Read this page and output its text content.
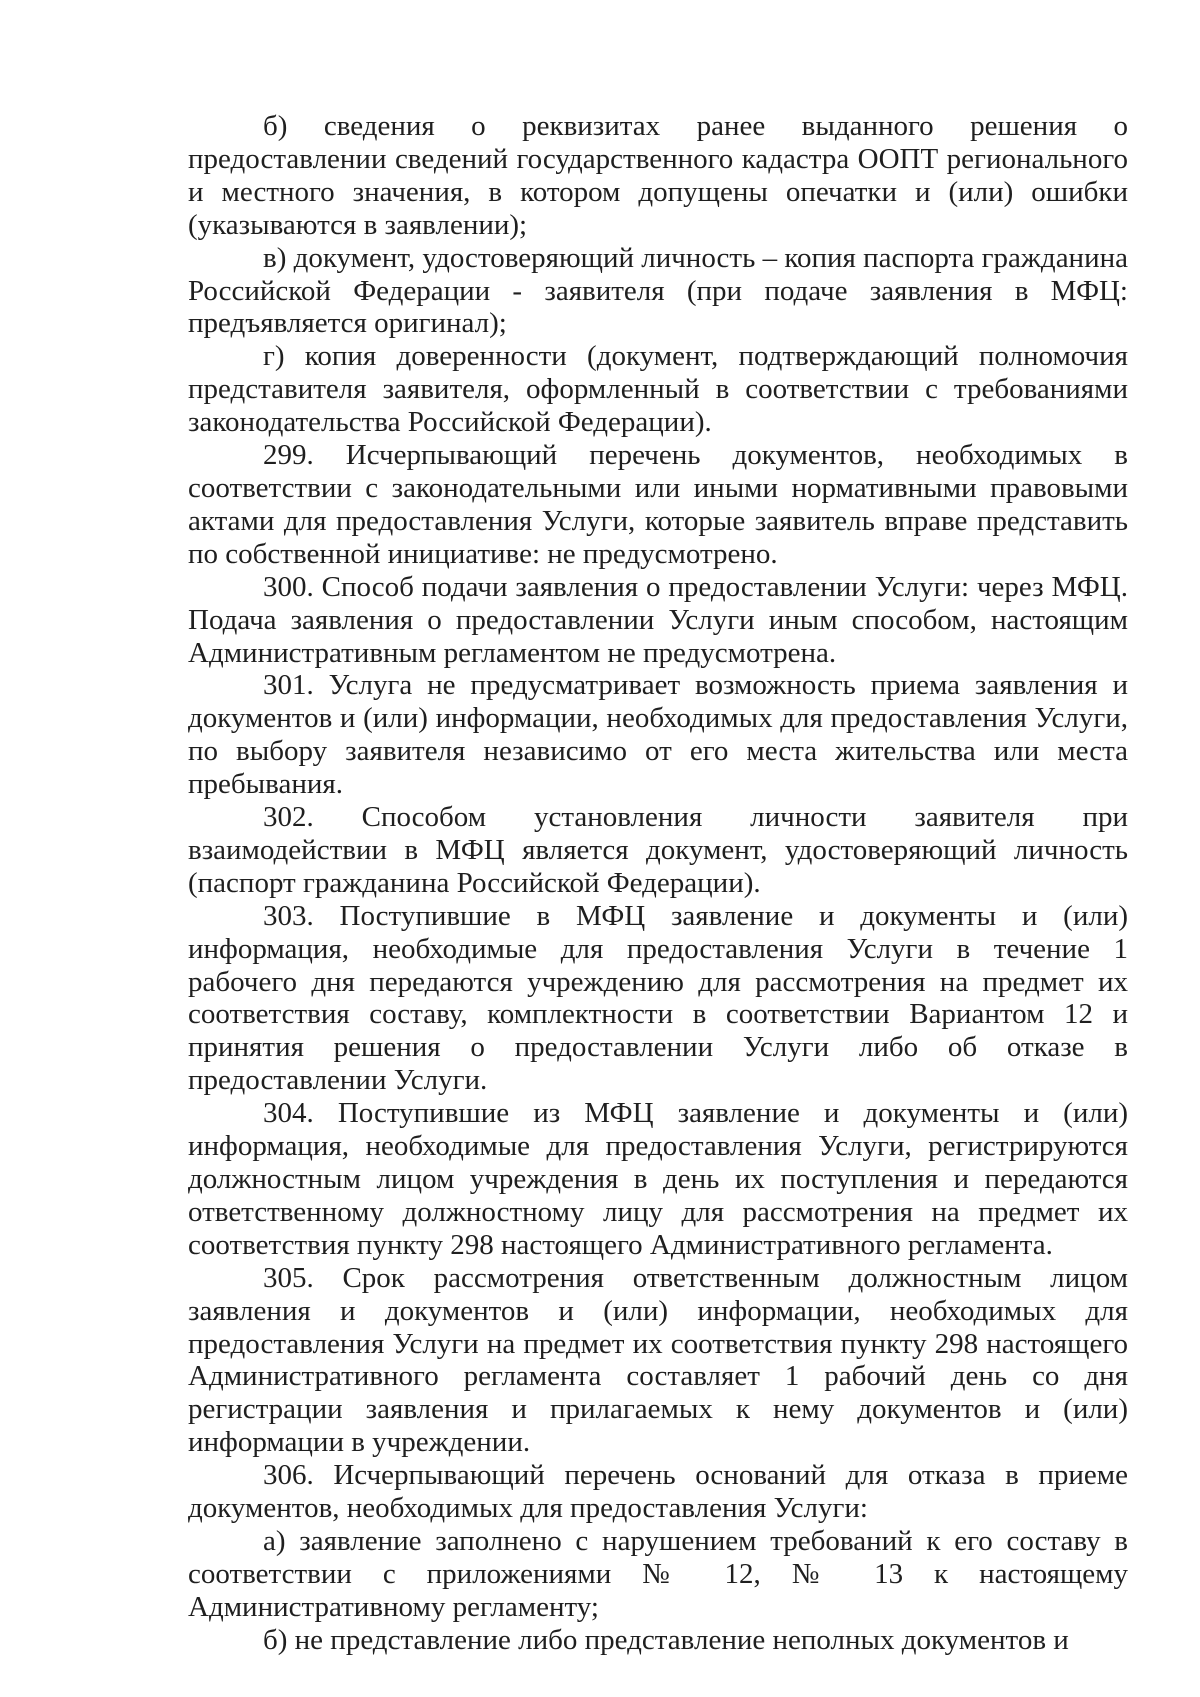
б) сведения о реквизитах ранее выданного решения о предоставлении сведений государственного кадастра ООПТ регионального и местного значения, в котором допущены опечатки и (или) ошибки (указываются в заявлении);

в) документ, удостоверяющий личность – копия паспорта гражданина Российской Федерации - заявителя (при подаче заявления в МФЦ: предъявляется оригинал);

г) копия доверенности (документ, подтверждающий полномочия представителя заявителя, оформленный в соответствии с требованиями законодательства Российской Федерации).

299. Исчерпывающий перечень документов, необходимых в соответствии с законодательными или иными нормативными правовыми актами для предоставления Услуги, которые заявитель вправе представить по собственной инициативе: не предусмотрено.

300. Способ подачи заявления о предоставлении Услуги: через МФЦ. Подача заявления о предоставлении Услуги иным способом, настоящим Административным регламентом не предусмотрена.

301. Услуга не предусматривает возможность приема заявления и документов и (или) информации, необходимых для предоставления Услуги, по выбору заявителя независимо от его места жительства или места пребывания.

302. Способом установления личности заявителя при взаимодействии в МФЦ является документ, удостоверяющий личность (паспорт гражданина Российской Федерации).

303. Поступившие в МФЦ заявление и документы и (или) информация, необходимые для предоставления Услуги в течение 1 рабочего дня передаются учреждению для рассмотрения на предмет их соответствия составу, комплектности в соответствии Вариантом 12 и принятия решения о предоставлении Услуги либо об отказе в предоставлении Услуги.

304. Поступившие из МФЦ заявление и документы и (или) информация, необходимые для предоставления Услуги, регистрируются должностным лицом учреждения в день их поступления и передаются ответственному должностному лицу для рассмотрения на предмет их соответствия пункту 298 настоящего Административного регламента.

305. Срок рассмотрения ответственным должностным лицом заявления и документов и (или) информации, необходимых для предоставления Услуги на предмет их соответствия пункту 298 настоящего Административного регламента составляет 1 рабочий день со дня регистрации заявления и прилагаемых к нему документов и (или) информации в учреждении.

306. Исчерпывающий перечень оснований для отказа в приеме документов, необходимых для предоставления Услуги:

а) заявление заполнено с нарушением требований к его составу в соответствии с приложениями № 12, № 13 к настоящему Административному регламенту;

б) не представление либо представление неполных документов и
